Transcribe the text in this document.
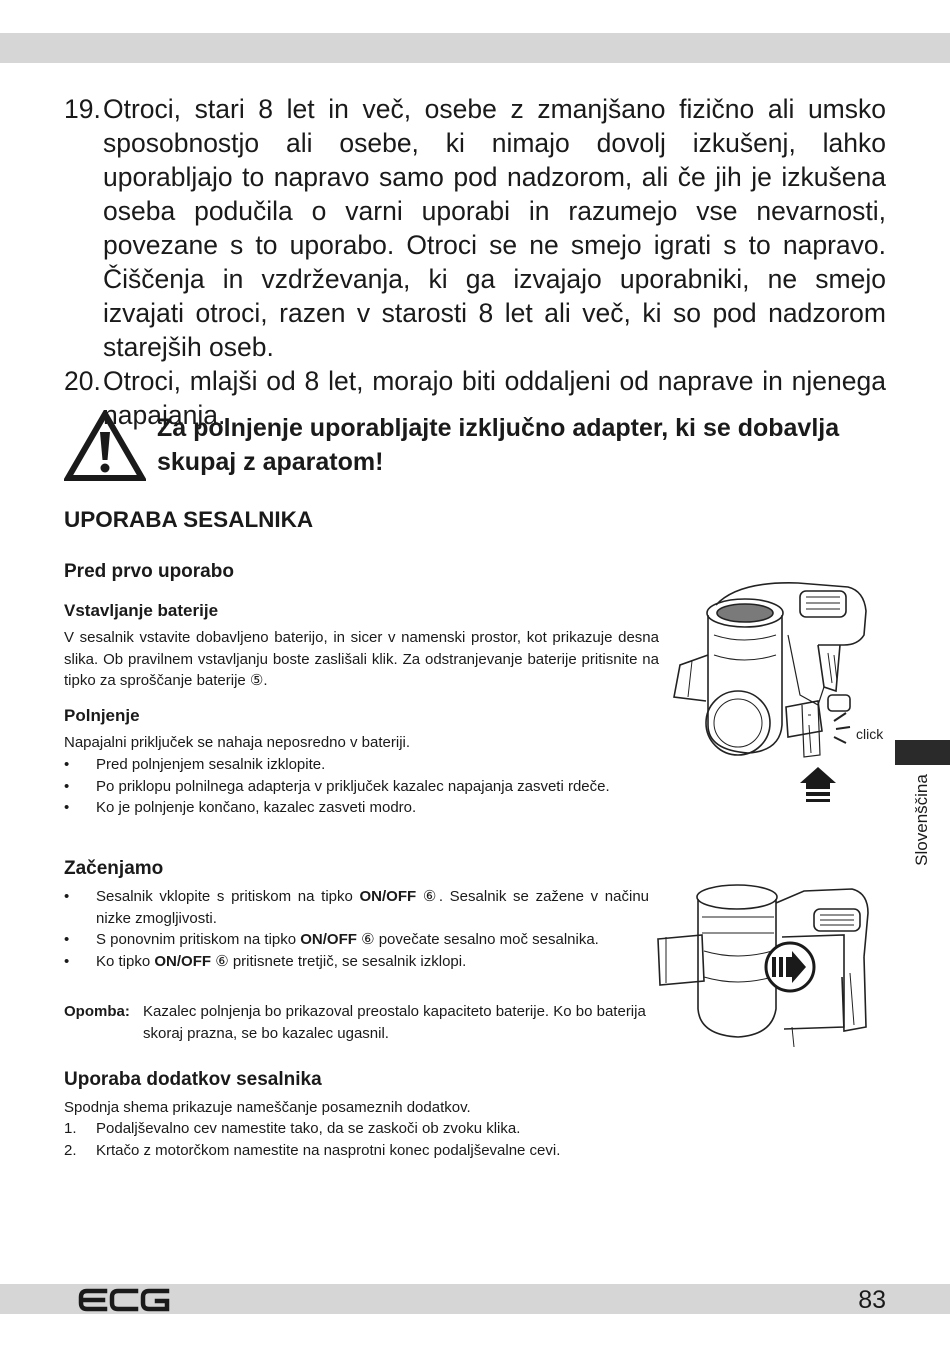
19. Otroci, stari 8 let in več, osebe z zmanjšano fizično ali umsko sposobnostjo ali osebe, ki nimajo dovolj izkušenj, lahko uporabljajo to napravo samo pod nadzorom, ali če jih je izkušena oseba podučila o varni uporabi in razumejo vse nevarnosti, povezane s to uporabo. Otroci se ne smejo igrati s to napravo. Čiščenja in vzdrževanja, ki ga izvajajo uporabniki, ne smejo izvajati otroci, razen v starosti 8 let ali več, ki so pod nadzorom starejših oseb.
20. Otroci, mlajši od 8 let, morajo biti oddaljeni od naprave in njenega napajanja.
Za polnjenje uporabljajte izključno adapter, ki se dobavlja skupaj z aparatom!
UPORABA SESALNIKA
Pred prvo uporabo
Vstavljanje baterije

V sesalnik vstavite dobavljeno baterijo, in sicer v namenski prostor, kot prikazuje desna slika. Ob pravilnem vstavljanju boste zaslišali klik. Za odstranjevanje baterije pritisnite na tipko za sproščanje baterije ⑤.

Polnjenje

Napajalni priključek se nahaja neposredno v bateriji.

•	Pred polnjenjem sesalnik izklopite.
•	Po priklopu polnilnega adapterja v priključek kazalec napajanja zasveti rdeče.
•	Ko je polnjenje končano, kazalec zasveti modro.
Začenjamo
•	Sesalnik vklopite s pritiskom na tipko ON/OFF ⑥. Sesalnik se zažene v načinu nizke zmogljivosti.
•	S ponovnim pritiskom na tipko ON/OFF ⑥ povečate sesalno moč sesalnika.
•	Ko tipko ON/OFF ⑥ pritisnete tretjič, se sesalnik izklopi.
Opomba: Kazalec polnjenja bo prikazoval preostalo kapaciteto baterije. Ko bo baterija skoraj prazna, se bo kazalec ugasnil.
Uporaba dodatkov sesalnika

Spodnja shema prikazuje nameščanje posameznih dodatkov.

1.	Podaljševalno cev namestite tako, da se zaskoči ob zvoku klika.
2.	Krtačo z motorčkom namestite na nasprotni konec podaljševalne cevi.
click
Slovenščina
83
